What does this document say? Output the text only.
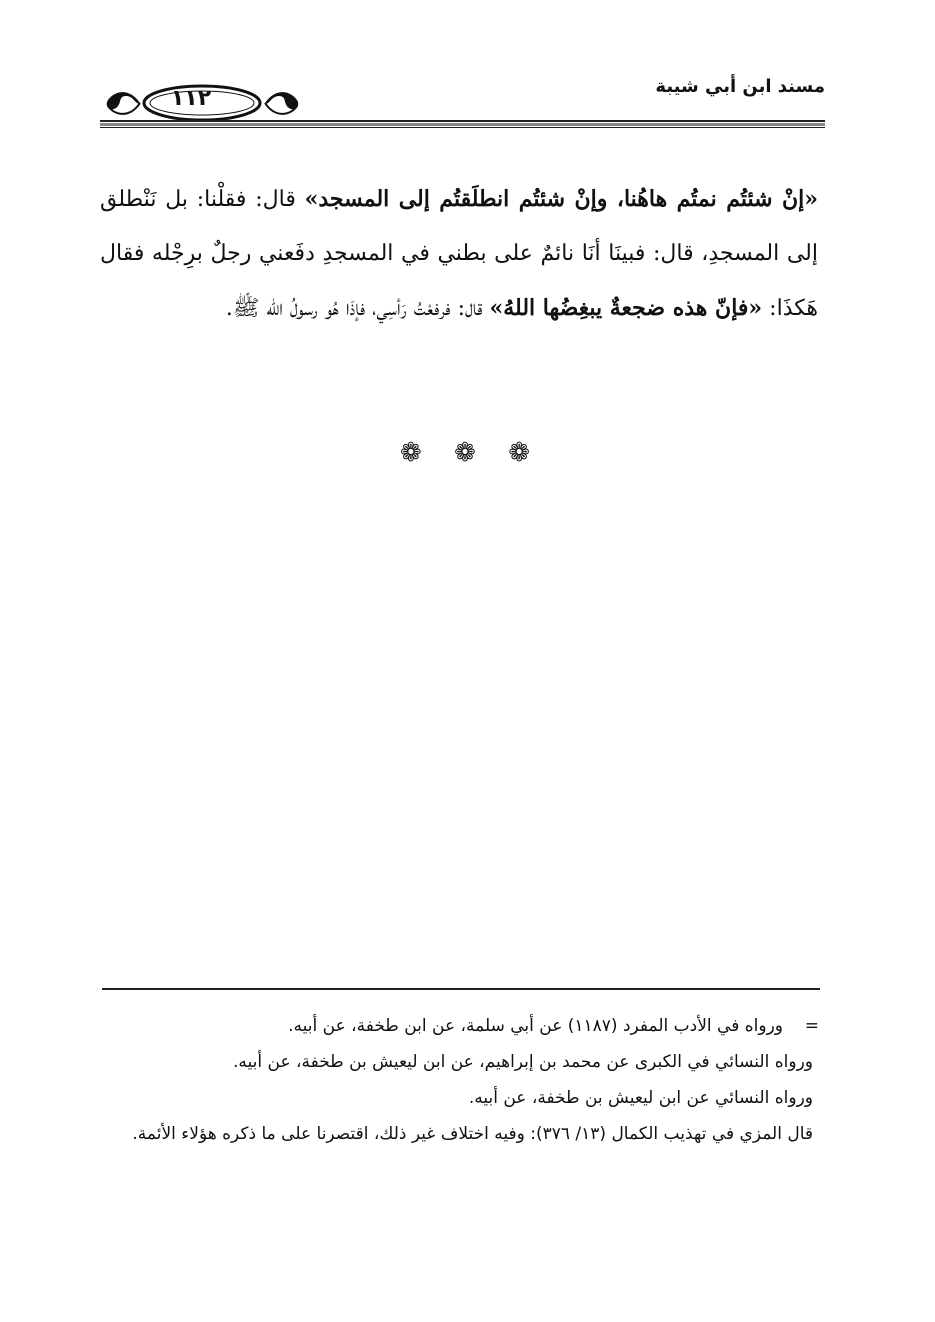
١١٢	مسند ابن أبي شيبة
«إنْ شئتُم نمتُم هاهُنا، وإنْ شئتُم انطلَقتُم إلى المسجد» قال: فقلْنا: بل نَنْطلق إلى المسجدِ، قال: فبينَا أنَا نائمٌ على بطني في المسجدِ دفَعني رجلٌ برِجْله فقال هَكذَا: «فإنّ هذه ضجعةٌ يبغِضُها اللهُ» قال: فرفعْتُ رَأسِي، فإذَا هُو رسولُ الله ﷺ.
❁ ❁ ❁
=

ورواه في الأدب المفرد (١١٨٧) عن أبي سلمة، عن ابن طخفة، عن أبيه.

ورواه النسائي في الكبرى عن محمد بن إبراهيم، عن ابن ليعيش بن طخفة، عن أبيه.

ورواه النسائي عن ابن ليعيش بن طخفة، عن أبيه.

قال المزي في تهذيب الكمال (١٣/ ٣٧٦): وفيه اختلاف غير ذلك، اقتصرنا على ما ذكره هؤلاء الأئمة.
